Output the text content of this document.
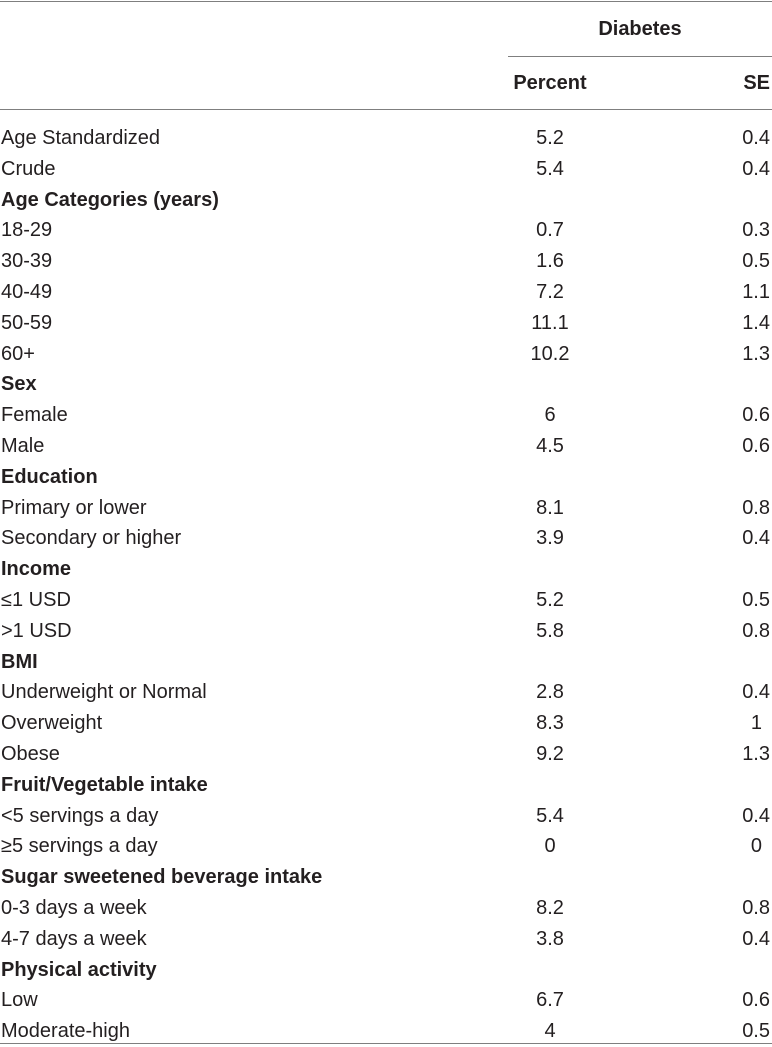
Diabetes
Percent	SE
Age Standardized	5.2	0.4
Crude	5.4	0.4
Age Categories (years)
18-29	0.7	0.3
30-39	1.6	0.5
40-49	7.2	1.1
50-59	11.1	1.4
60+	10.2	1.3
Sex
Female	6	0.6
Male	4.5	0.6
Education
Primary or lower	8.1	0.8
Secondary or higher	3.9	0.4
Income
≤1 USD	5.2	0.5
>1 USD	5.8	0.8
BMI
Underweight or Normal	2.8	0.4
Overweight	8.3	1
Obese	9.2	1.3
Fruit/Vegetable intake
<5 servings a day	5.4	0.4
≥5 servings a day	0	0
Sugar sweetened beverage intake
0-3 days a week	8.2	0.8
4-7 days a week	3.8	0.4
Physical activity
Low	6.7	0.6
Moderate-high	4	0.5
